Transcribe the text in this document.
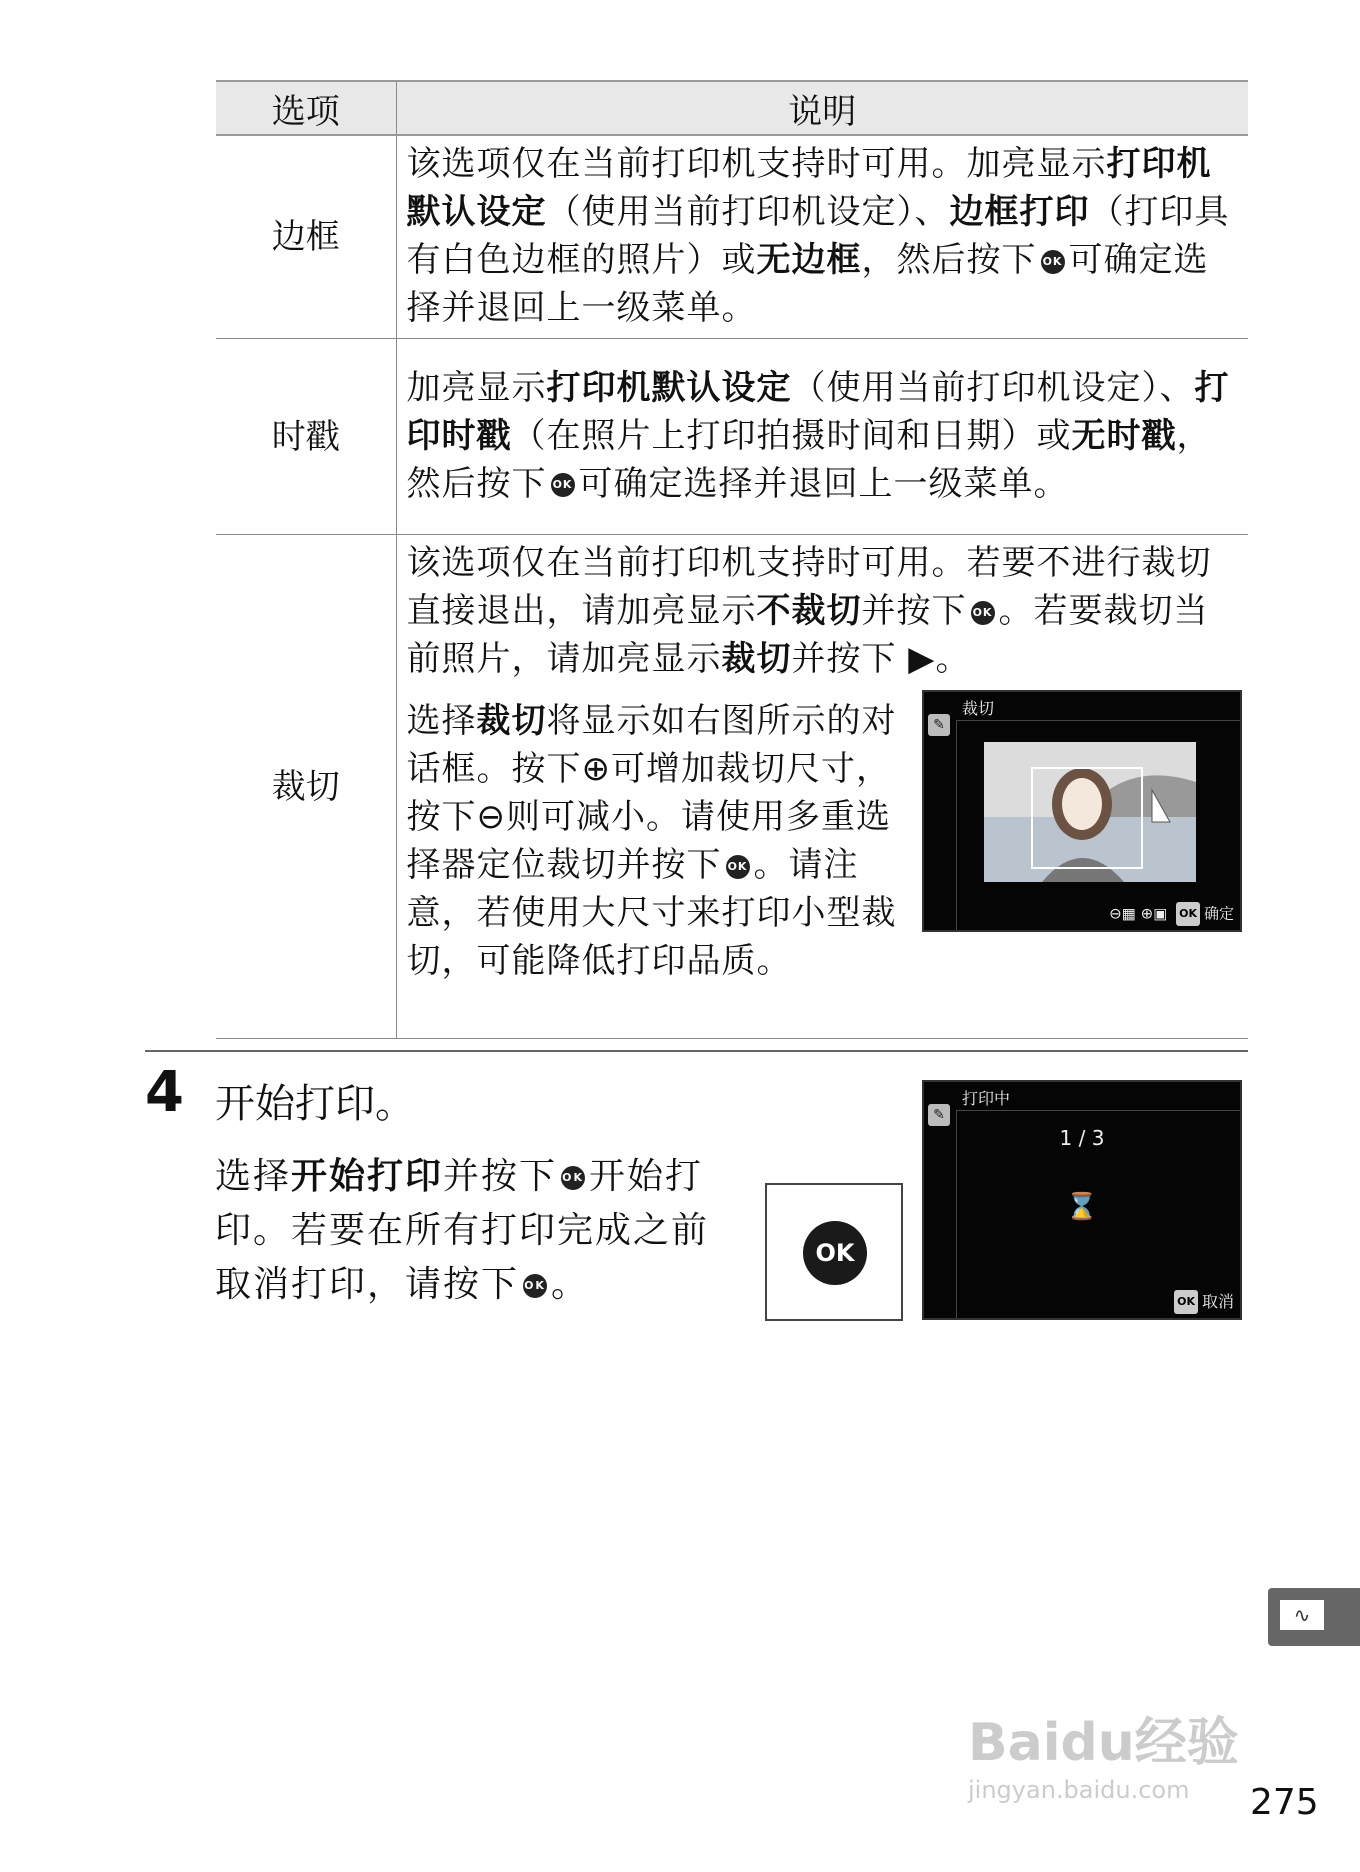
选项	说明
边框	该选项仅在当前打印机支持时可用。加亮显示打印机默认设定（使用当前打印机设定）、边框打印（打印具有白色边框的照片）或无边框，然后按下 OK 可确定选择并退回上一级菜单。
时戳	加亮显示打印机默认设定（使用当前打印机设定）、打印时戳（在照片上打印拍摄时间和日期）或无时戳，然后按下 OK 可确定选择并退回上一级菜单。
裁切	该选项仅在当前打印机支持时可用。若要不进行裁切直接退出，请加亮显示不裁切并按下 OK 。若要裁切当前照片，请加亮显示裁切并按下 ▶。
选择裁切将显示如右图所示的对话框。按下⊕可增加裁切尺寸，按下⊖则可减小。请使用多重选择器定位裁切并按下 OK 。请注意，若使用大尺寸来打印小型裁切，可能降低打印品质。
✎
裁切
⊖▦ ⊕▣ OK 确定
4 开始打印。
选择开始打印并按下 OK 开始打印。若要在所有打印完成之前取消打印，请按下 OK 。
OK
✎
打印中
1 / 3
⌛
OK 取消
∿
Baidu经验
jingyan.baidu.com 275
